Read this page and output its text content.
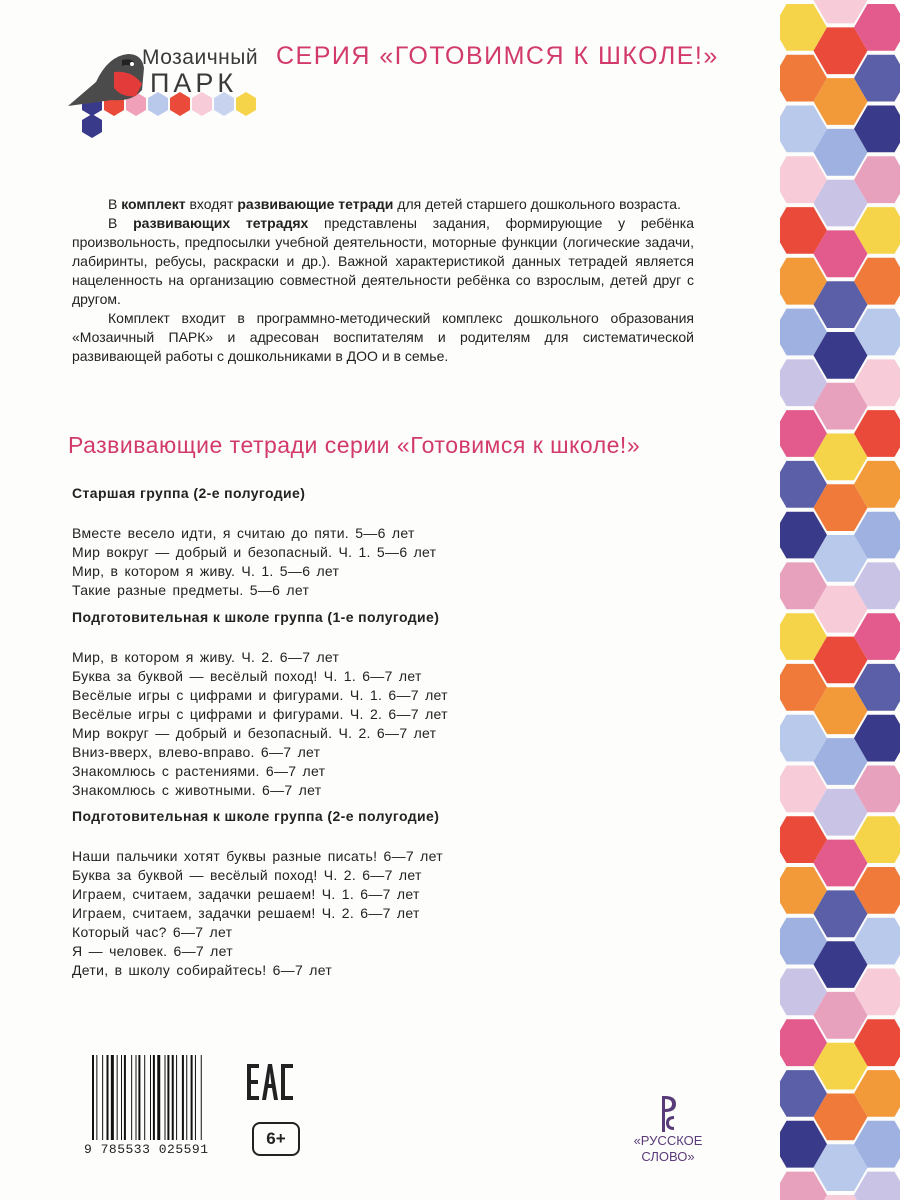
Мозаичный
ПАРК
СЕРИЯ «ГОТОВИМСЯ К ШКОЛЕ!»

В комплект входят развивающие тетради для детей старшего дошкольного возраста.

В развивающих тетрадях представлены задания, формирующие у ребёнка произвольность, предпосылки учебной деятельности, моторные функции (логические задачи, лабиринты, ребусы, раскраски и др.). Важной характеристикой данных тетрадей является нацеленность на организацию совместной деятельности ребёнка со взрослым, детей друг с другом.

Комплект входит в программно-методический комплекс дошкольного образования «Мозаичный ПАРК» и адресован воспитателям и родителям для систематической развивающей работы с дошкольниками в ДОО и в семье.

Развивающие тетради серии «Готовимся к школе!»
Старшая группа (2-е полугодие)
Вместе весело идти, я считаю до пяти. 5—6 лет
Мир вокруг — добрый и безопасный. Ч. 1. 5—6 лет
Мир, в котором я живу. Ч. 1. 5—6 лет
Такие разные предметы. 5—6 лет
Подготовительная к школе группа (1-е полугодие)
Мир, в котором я живу. Ч. 2. 6—7 лет
Буква за буквой — весёлый поход! Ч. 1. 6—7 лет
Весёлые игры с цифрами и фигурами. Ч. 1. 6—7 лет
Весёлые игры с цифрами и фигурами. Ч. 2. 6—7 лет
Мир вокруг — добрый и безопасный. Ч. 2. 6—7 лет
Вниз-вверх, влево-вправо. 6—7 лет
Знакомлюсь с растениями. 6—7 лет
Знакомлюсь с животными. 6—7 лет
Подготовительная к школе группа (2-е полугодие)
Наши пальчики хотят буквы разные писать! 6—7 лет
Буква за буквой — весёлый поход! Ч. 2. 6—7 лет
Играем, считаем, задачки решаем! Ч. 1. 6—7 лет
Играем, считаем, задачки решаем! Ч. 2. 6—7 лет
Который час? 6—7 лет
Я — человек. 6—7 лет
Дети, в школу собирайтесь! 6—7 лет
9 785533 025591
6+	«РУССКОЕ
СЛОВО»
